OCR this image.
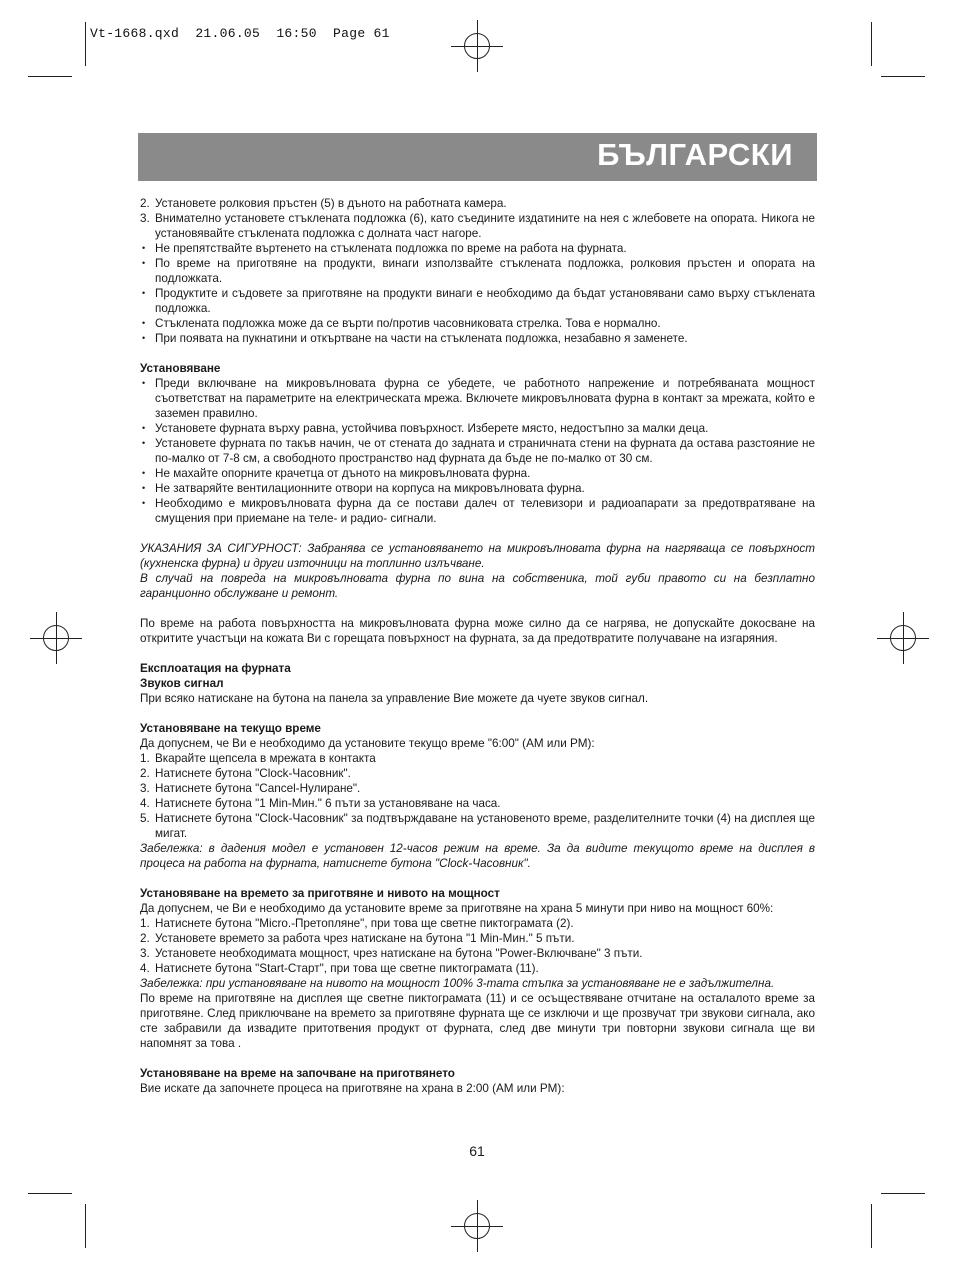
Vt-1668.qxd  21.06.05  16:50  Page 61
БЪЛГАРСКИ
2. Установете ролковия пръстен (5) в дъното на работната камера.
3. Внимателно установете стъклената подложка (6), като съедините издатините на нея с жлебовете на опората. Никога не установявайте стъклената подложка с долната част нагоре.
• Не препятствайте въртенето на стъклената подложка по време на работа на фурната.
• По време на приготвяне на продукти, винаги използвайте стъклената подложка, ролковия пръстен и опората на подложката.
• Продуктите и съдовете за приготвяне на продукти винаги е необходимо да бъдат установявани само върху стъклената подложка.
• Стъклената подложка може да се върти по/против часовниковата стрелка. Това е нормално.
• При появата на пукнатини и откъртване на части на стъклената подложка, незабавно я заменете.

Установяване

• Преди включване на микровълновата фурна се убедете, че работното напрежение и потребяваната мощност съответстват на параметрите на електрическата мрежа. Включете микровълновата фурна в контакт за мрежата, който е заземен правилно.
• Установете фурната върху равна, устойчива повърхност. Изберете място, недостъпно за малки деца.
• Установете фурната по такъв начин, че от стената до задната и страничната стени на фурната да остава разстояние не по-малко от 7-8 см, а свободното пространство над фурната да бъде не по-малко от 30 см.
• Не махайте опорните крачетца от дъното на микровълновата фурна.
• Не затваряйте вентилационните отвори на корпуса на микровълновата фурна.
• Необходимо е микровълновата фурна да се постави далеч от телевизори и радиоапарати за предотвратяване на смущения при приемане на теле- и радио- сигнали.

УКАЗАНИЯ ЗА СИГУРНОСТ: Забранява се установяването на микровълновата фурна на нагряваща се повърхност (кухненска фурна) и други източници на топлинно излъчване.

В случай на повреда на микровълновата фурна по вина на собственика, той губи правото си на безплатно гаранционно обслужване и ремонт.

По време на работа повърхността на микровълновата фурна може силно да се нагрява, не допускайте докосване на откритите участъци на кожата Ви с горещата повърхност на фурната, за да предотвратите получаване на изгаряния.

Експлоатация на фурната

Звуков сигнал

При всяко натискане на бутона на панела за управление Вие можете да чуете звуков сигнал.

Установяване на текущо време

Да допуснем, че Ви е необходимо да установите текущо време "6:00" (AM или PM):

1. Вкарайте щепсела в мрежата в контакта
2. Натиснете бутона "Clock-Часовник".
3. Натиснете бутона "Cancel-Нулиране".
4. Натиснете бутона "1 Min-Мин." 6 пъти за установяване на часа.
5. Натиснете бутона "Clock-Часовник" за подтвърждаване на установеното време, разделителните точки (4) на дисплея ще мигат.

Забележка: в дадения модел е установен 12-часов режим на време. За да видите текущото време на дисплея в процеса на работа на фурната, натиснете бутона "Clock-Часовник".

Установяване на времето за приготвяне и нивото на мощност

Да допуснем, че Ви е необходимо да установите време за приготвяне на храна 5 минути при ниво на мощност 60%:

1. Натиснете бутона "Micro.-Претопляне", при това ще светне пиктограмата (2).
2. Установете времето за работа чрез натискане на бутона "1 Min-Мин." 5 пъти.
3. Установете необходимата мощност, чрез натискане на бутона "Power-Включване" 3 пъти.
4. Натиснете бутона "Start-Старт", при това ще светне пиктограмата (11).

Забележка: при установяване на нивото на мощност 100% 3-тата стъпка за установяване не е задължителна.

По време на приготвяне на дисплея ще светне пиктограмата (11) и се осъществяване отчитане на осталалото време за приготвяне. След приключване на времето за приготвяне фурната ще се изключи и ще прозвучат три звукови сигнала, ако сте забравили да извадите притотвения продукт от фурната, след две минути три повторни звукови сигнала ще ви напомнят за това .

Установяване на време на започване на приготвянето

Вие искате да започнете процеса на приготвяне на храна в 2:00 (AM или PM):

61
